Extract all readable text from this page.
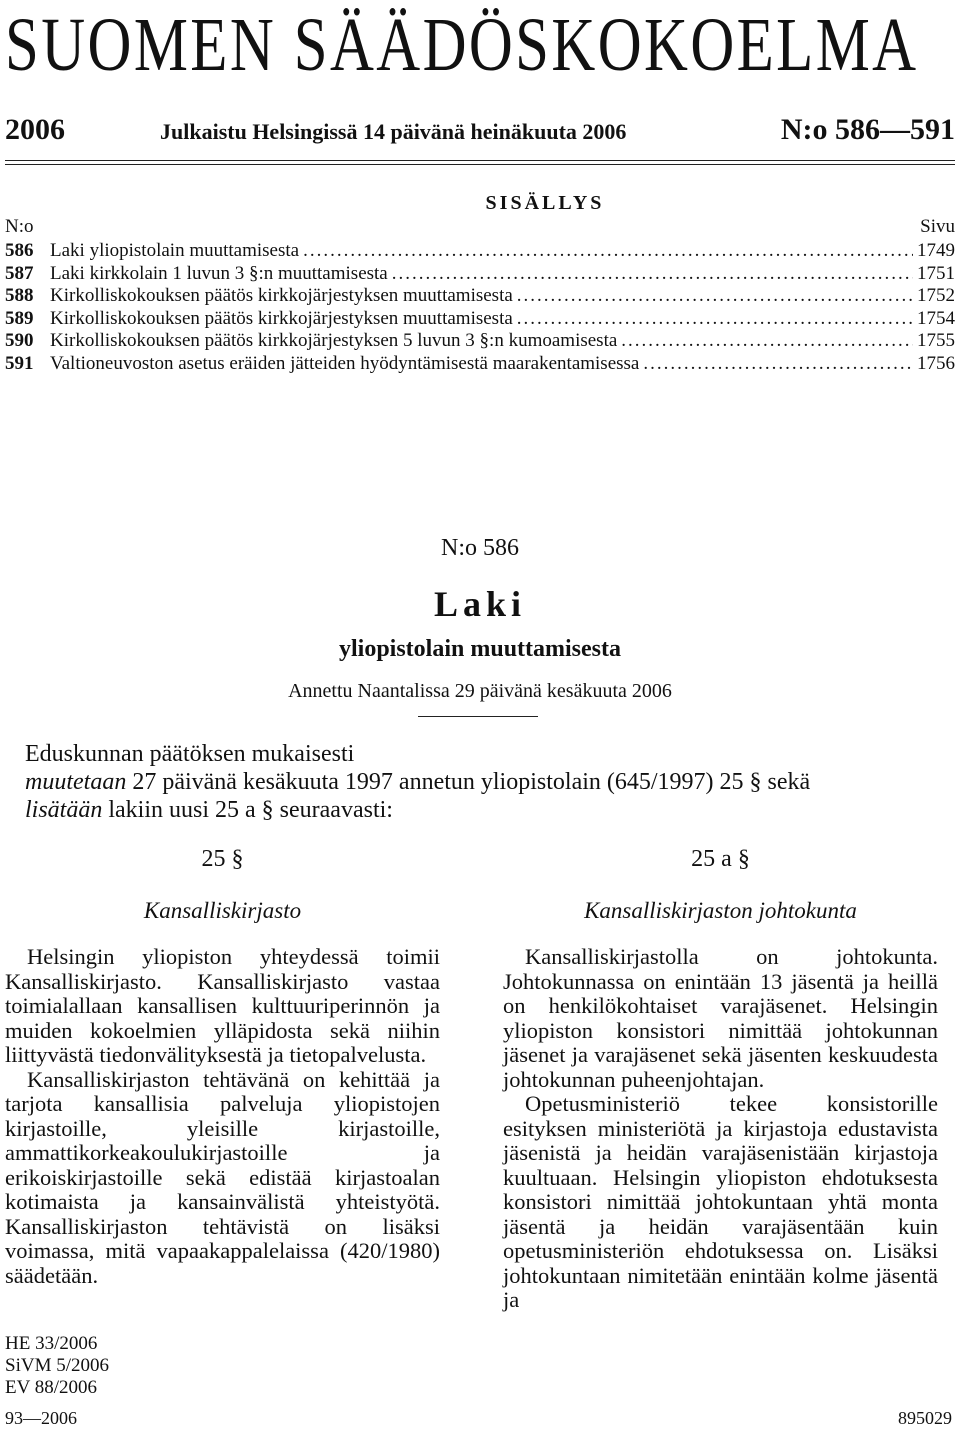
SUOMEN SÄÄDÖSKOKOELMA
2006	Julkaistu Helsingissä 14 päivänä heinäkuuta 2006	N:o 586—591
SISÄLLYS
N:o	Sivu
586 Laki yliopistolain muuttamisesta .....	1749
587 Laki kirkkolain 1 luvun 3 §:n muuttamisesta .....	1751
588 Kirkolliskokouksen päätös kirkkojärjestyksen muuttamisesta .....	1752
589 Kirkolliskokouksen päätös kirkkojärjestyksen muuttamisesta .....	1754
590 Kirkolliskokouksen päätös kirkkojärjestyksen 5 luvun 3 §:n kumoamisesta .....	1755
591 Valtioneuvoston asetus eräiden jätteiden hyödyntämisestä maarakentamisessa .....	1756
N:o 586
Laki
yliopistolain muuttamisesta
Annettu Naantalissa 29 päivänä kesäkuuta 2006
Eduskunnan päätöksen mukaisesti
muutetaan 27 päivänä kesäkuuta 1997 annetun yliopistolain (645/1997) 25 § sekä
lisätään lakiin uusi 25 a § seuraavasti:
25 §
Kansalliskirjasto

Helsingin yliopiston yhteydessä toimii Kansalliskirjasto. Kansalliskirjasto vastaa toimialallaan kansallisen kulttuuriperinnön ja muiden kokoelmien ylläpidosta sekä niihin liittyvästä tiedonvälityksestä ja tietopalvelusta.

Kansalliskirjaston tehtävänä on kehittää ja tarjota kansallisia palveluja yliopistojen kirjastoille, yleisille kirjastoille, ammattikorkeakoulukirjastoille ja erikoiskirjastoille sekä edistää kirjastoalan kotimaista ja kansainvälistä yhteistyötä. Kansalliskirjaston tehtävistä on lisäksi voimassa, mitä vapaakappalelaissa (420/1980) säädetään.

25 a §
Kansalliskirjaston johtokunta

Kansalliskirjastolla on johtokunta. Johtokunnassa on enintään 13 jäsentä ja heillä on henkilökohtaiset varajäsenet. Helsingin yliopiston konsistori nimittää johtokunnan jäsenet ja varajäsenet sekä jäsenten keskuudesta johtokunnan puheenjohtajan.

Opetusministeriö tekee konsistorille esityksen ministeriötä ja kirjastoja edustavista jäsenistä ja heidän varajäsenistään kirjastoja kuultuaan. Helsingin yliopiston ehdotuksesta konsistori nimittää johtokuntaan yhtä monta jäsentä ja heidän varajäsentään kuin opetusministeriön ehdotuksessa on. Lisäksi johtokuntaan nimitetään enintään kolme jäsentä ja

HE 33/2006
SiVM 5/2006
EV 88/2006
93—2006	895029
